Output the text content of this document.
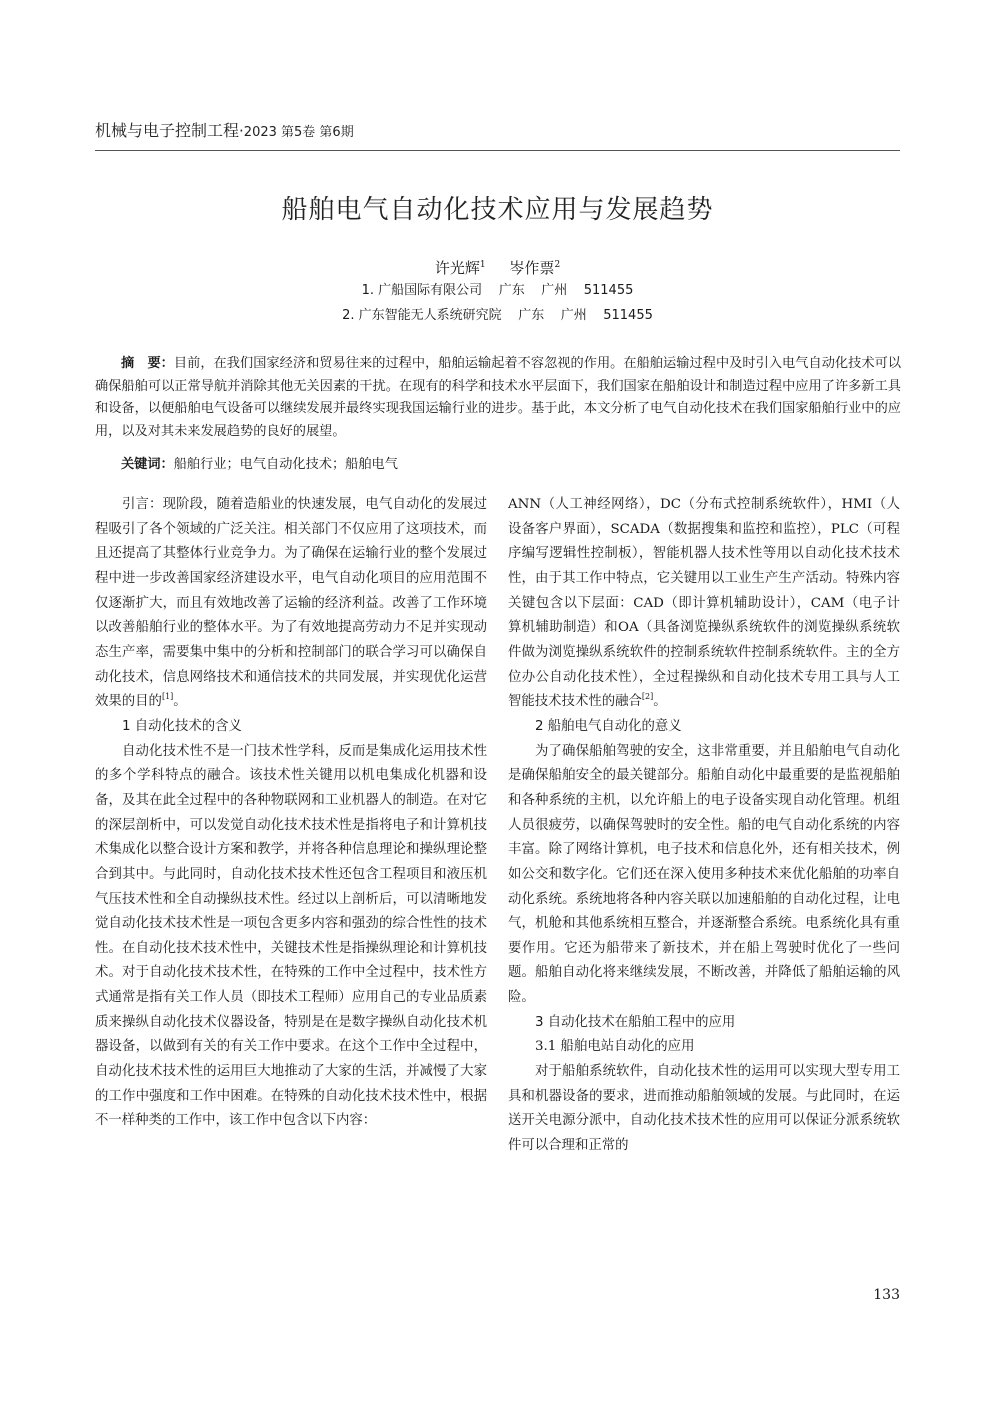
机械与电子控制工程·2023 第5卷 第6期
船舶电气自动化技术应用与发展趋势
许光辉$^1$ 岑作票$^2$
1. 广船国际有限公司    广东    广州    511455
2. 广东智能无人系统研究院    广东    广州    511455
摘　要：目前，在我们国家经济和贸易往来的过程中，船舶运输起着不容忽视的作用。在船舶运输过程中及时引入电气自动化技术可以确保船舶可以正常导航并消除其他无关因素的干扰。在现有的科学和技术水平层面下，我们国家在船舶设计和制造过程中应用了许多新工具和设备，以便船舶电气设备可以继续发展并最终实现我国运输行业的进步。基于此，本文分析了电气自动化技术在我们国家船舶行业中的应用，以及对其未来发展趋势的良好的展望。
关键词：船舶行业；电气自动化技术；船舶电气

引言：现阶段，随着造船业的快速发展，电气自动化的发展过程吸引了各个领域的广泛关注。相关部门不仅应用了这项技术，而且还提高了其整体行业竞争力。为了确保在运输行业的整个发展过程中进一步改善国家经济建设水平，电气自动化项目的应用范围不仅逐渐扩大，而且有效地改善了运输的经济利益。改善了工作环境以改善船舶行业的整体水平。为了有效地提高劳动力不足并实现动态生产率，需要集中集中的分析和控制部门的联合学习可以确保自动化技术，信息网络技术和通信技术的共同发展，并实现优化运营效果的目的[1]。

1 自动化技术的含义

自动化技术性不是一门技术性学科，反而是集成化运用技术性的多个学科特点的融合。该技术性关键用以机电集成化机器和设备，及其在此全过程中的各种物联网和工业机器人的制造。在对它的深层剖析中，可以发觉自动化技术技术性是指将电子和计算机技术集成化以整合设计方案和教学，并将各种信息理论和操纵理论整合到其中。与此同时，自动化技术技术性还包含工程项目和液压机气压技术性和全自动操纵技术性。经过以上剖析后，可以清晰地发觉自动化技术技术性是一项包含更多内容和强劲的综合性性的技术性。在自动化技术技术性中，关键技术性是指操纵理论和计算机技术。对于自动化技术技术性，在特殊的工作中全过程中，技术性方式通常是指有关工作人员（即技术工程师）应用自己的专业品质素质来操纵自动化技术仪器设备，特别是在是数字操纵自动化技术机器设备，以做到有关的有关工作中要求。在这个工作中全过程中，自动化技术技术性的运用巨大地推动了大家的生活，并减慢了大家的工作中强度和工作中困难。在特殊的自动化技术技术性中，根据不一样种类的工作中，该工作中包含以下内容：

ANN（人工神经网络），DC（分布式控制系统软件），HMI（人设备客户界面），SCADA（数据搜集和监控和监控），PLC（可程序编写逻辑性控制板），智能机器人技术性等用以自动化技术技术性，由于其工作中特点，它关键用以工业生产生产活动。特殊内容关键包含以下层面：CAD（即计算机辅助设计），CAM（电子计算机辅助制造）和OA（具备浏览操纵系统软件的浏览操纵系统软件做为浏览操纵系统软件的控制系统软件控制系统软件。主的全方位办公自动化技术性），全过程操纵和自动化技术专用工具与人工智能技术技术性的融合[2]。

2 船舶电气自动化的意义

为了确保船舶驾驶的安全，这非常重要，并且船舶电气自动化是确保船舶安全的最关键部分。船舶自动化中最重要的是监视船舶和各种系统的主机，以允许船上的电子设备实现自动化管理。机组人员很疲劳，以确保驾驶时的安全性。船的电气自动化系统的内容丰富。除了网络计算机，电子技术和信息化外，还有相关技术，例如公交和数字化。它们还在深入使用多种技术来优化船舶的功率自动化系统。系统地将各种内容关联以加速船舶的自动化过程，让电气，机舱和其他系统相互整合，并逐渐整合系统。电系统化具有重要作用。它还为船带来了新技术，并在船上驾驶时优化了一些问题。船舶自动化将来继续发展，不断改善，并降低了船舶运输的风险。

3 自动化技术在船舶工程中的应用
3.1 船舶电站自动化的应用

对于船舶系统软件，自动化技术性的运用可以实现大型专用工具和机器设备的要求，进而推动船舶领域的发展。与此同时，在运送开关电源分派中，自动化技术技术性的应用可以保证分派系统软件可以合理和正常的

133
